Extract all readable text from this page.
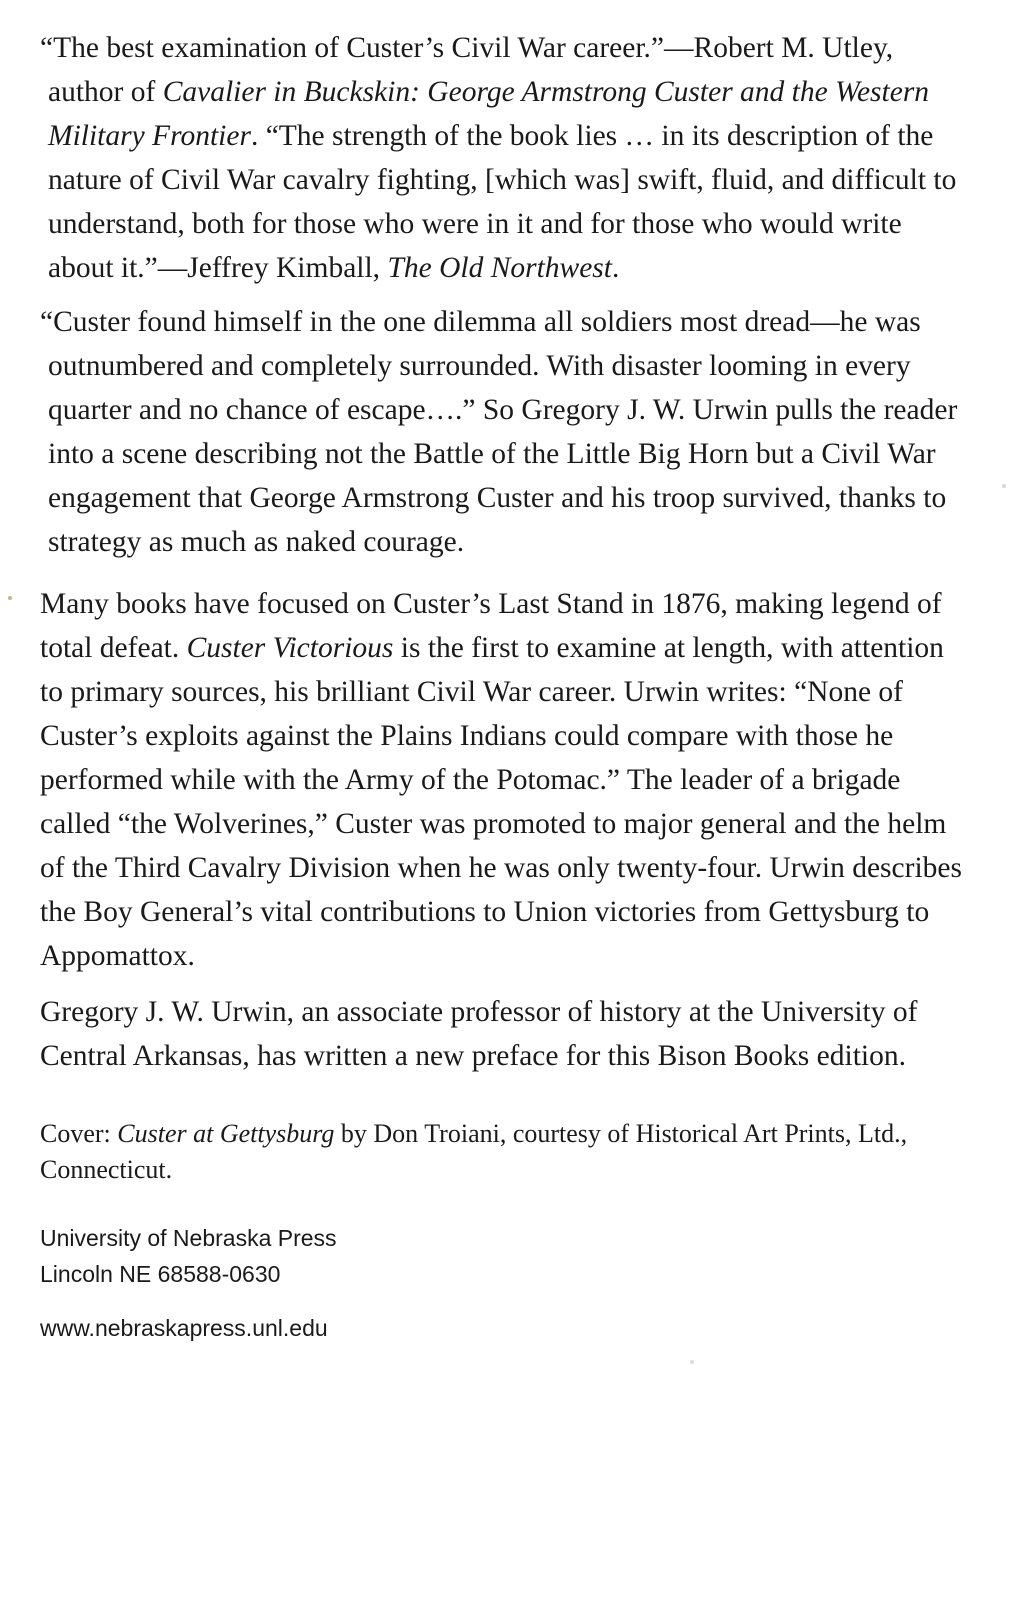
“The best examination of Custer’s Civil War career.”—Robert M. Utley, author of Cavalier in Buckskin: George Armstrong Custer and the Western Military Frontier. “The strength of the book lies … in its description of the nature of Civil War cavalry fighting, [which was] swift, fluid, and difficult to understand, both for those who were in it and for those who would write about it.”—Jeffrey Kimball, The Old Northwest.

“Custer found himself in the one dilemma all soldiers most dread—he was outnumbered and completely surrounded. With disaster looming in every quarter and no chance of escape….” So Gregory J. W. Urwin pulls the reader into a scene describing not the Battle of the Little Big Horn but a Civil War engagement that George Armstrong Custer and his troop survived, thanks to strategy as much as naked courage.

Many books have focused on Custer’s Last Stand in 1876, making legend of total defeat. Custer Victorious is the first to examine at length, with attention to primary sources, his brilliant Civil War career. Urwin writes: “None of Custer’s exploits against the Plains Indians could compare with those he performed while with the Army of the Potomac.” The leader of a brigade called “the Wolverines,” Custer was promoted to major general and the helm of the Third Cavalry Division when he was only twenty-four. Urwin describes the Boy General’s vital contributions to Union victories from Gettysburg to Appomattox.

Gregory J. W. Urwin, an associate professor of history at the University of Central Arkansas, has written a new preface for this Bison Books edition.

Cover: Custer at Gettysburg by Don Troiani, courtesy of Historical Art Prints, Ltd., Connecticut.
University of Nebraska Press
Lincoln NE 68588-0630
www.nebraskapress.unl.edu
